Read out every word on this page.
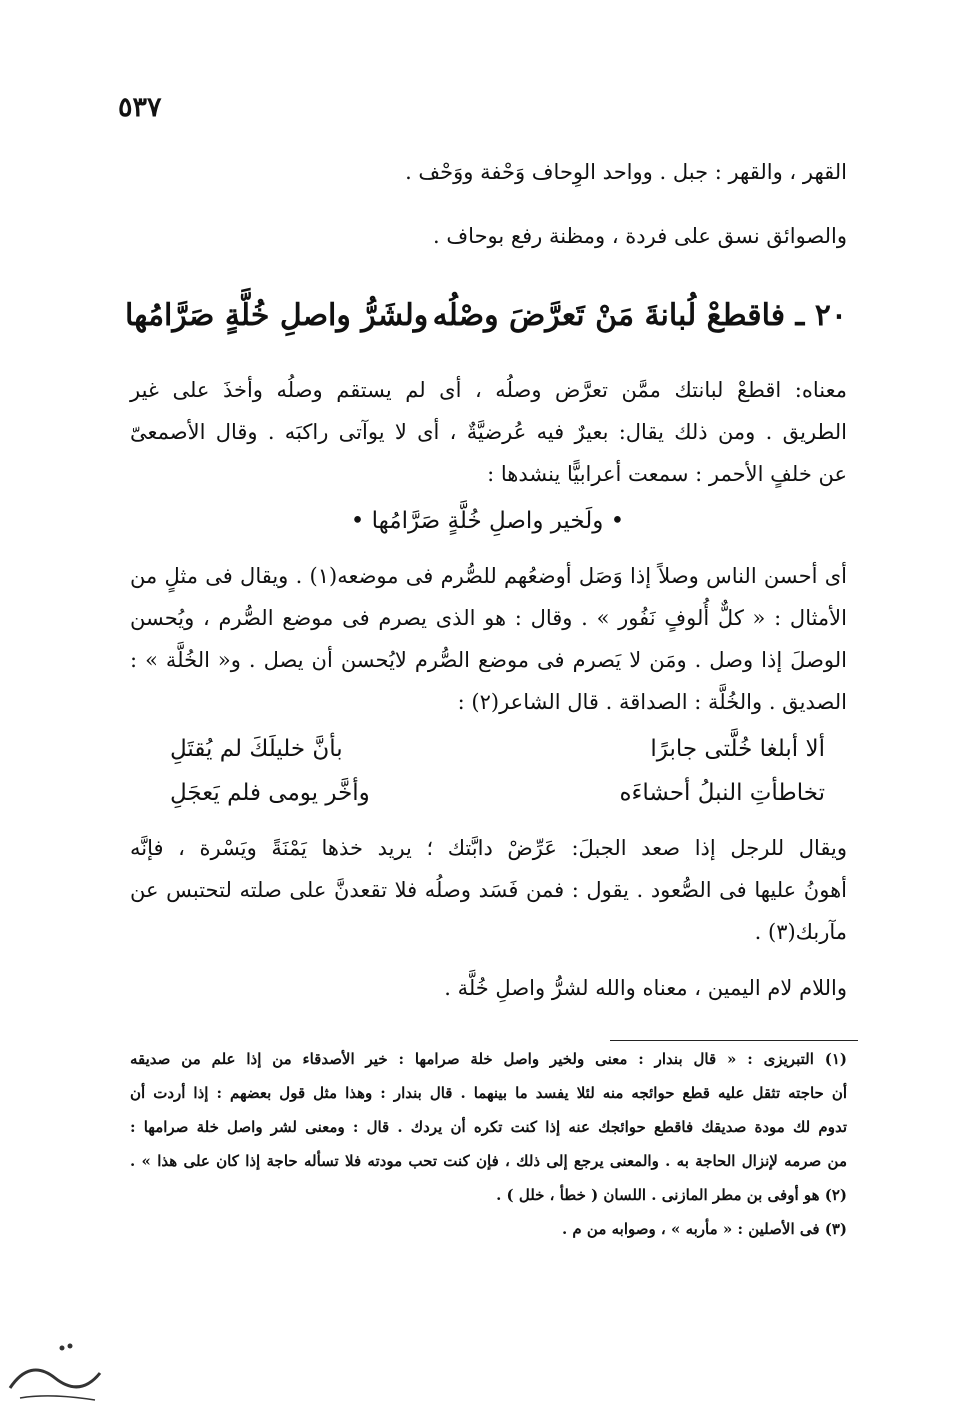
٥٣٧
القهر ، والقهر : جبل . وواحد الوِحاف وَحْفة ووَحْف .
والصوائق نسق على فردة ، ومظنة رفع بوحاف .
٢٠ ـ فاقطعْ لُبانةَ مَنْ تَعرَّضَ وصْلُه
ولشَرُّ واصلِ خُلَّةٍ صَرَّامُها
معناه: اقطعْ لبانتك ممَّن تعرَّض وصلُه ، أى لم يستقم وصلُه وأخذَ على غير
الطريق . ومن ذلك يقال: بعيرٌ فيه عُرضيَّةٌ ، أى لا يوآتى راكبَه . وقال الأصمعىّ
عن خلفٍ الأحمر : سمعت أعرابيًّا ينشدها :
• ولَخير واصلِ خُلَّةٍ صَرَّامُها •
أى أحسن الناس وصلاً إذا وَصَل أوضعُهم للصُّرم فى موضعه(١) . ويقال فى مثلٍ من
الأمثال : « كلٌّ أُلوفٍ نَفُور » . وقال : هو الذى يصرم فى موضع الصُّرم ، ويُحسن
الوصلَ إذا وصل . ومَن لا يَصرم فى موضع الصُّرم لايُحسن أن يصل . و« الخُلَّة » :
الصديق . والخُلَّة : الصداقة . قال الشاعر(٢) :
ألا أبلغا خُلَّتى جابرًا
بأنَّ خليلَكَ لم يُقتَلِ
تخاطأتِ النبلُ أحشاءَه
وأخَّر يومى فلم يَعجَلِ
ويقال للرجل إذا صعد الجبلَ: عَرِّضْ دابَّتك ؛ يريد خذها يَمْنَةً ويَسْرة ، فإنَّه
أهونُ عليها فى الصُّعود . يقول : فمن فَسَد وصلُه فلا تقعدنَّ على صلته لتحتبس عن
مآربك(٣) .
واللام لام اليمين ، معناه والله لشرُّ واصلِ خُلَّة .
(١) التبريزى : « قال بندار : معنى ولخير واصل خلة صرامها : خير الأصدقاء من إذا علم من صديقه
أن حاجته تثقل عليه قطع حوائجه منه لئلا يفسد ما بينهما . قال بندار : وهذا مثل قول بعضهم : إذا أردت أن
تدوم لك مودة صديقك فاقطع حوائجك عنه إذا كنت تكره أن يردك . قال : ومعنى لشر واصل خلة صرامها :
من صرمه لإنزال الحاجة به . والمعنى يرجع إلى ذلك ، فإن كنت تحب مودته فلا تسأله حاجة إذا كان على هذا » .
(٢) هو أوفى بن مطر المازنى . اللسان ( خطأ ، خلل ) .
(٣) فى الأصلين : « مأربه » ، وصوابه من م .
